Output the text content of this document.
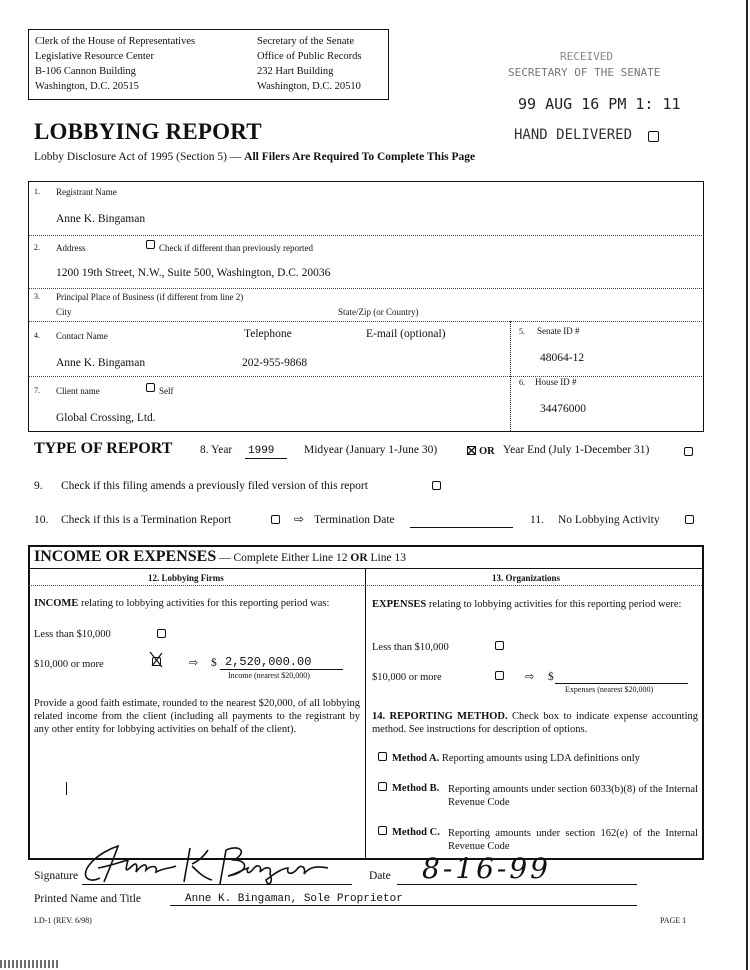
Clerk of the House of Representatives
Legislative Resource Center
B-106 Cannon Building
Washington, D.C. 20515
Secretary of the Senate
Office of Public Records
232 Hart Building
Washington, D.C. 20510
RECEIVED
SECRETARY OF THE SENATE
99 AUG 16 PM 1: 11
HAND DELIVERED
LOBBYING REPORT
Lobby Disclosure Act of 1995 (Section 5) — All Filers Are Required To Complete This Page
1. Registrant Name
Anne K. Bingaman
2. Address	Check if different than previously reported
1200 19th Street, N.W., Suite 500, Washington, D.C. 20036
3. Principal Place of Business (if different from line 2)
City	State/Zip (or Country)
4. Contact Name	Telephone	E-mail (optional)
Anne K. Bingaman	202-955-9868
5. Senate ID #
48064-12
6. House ID #
34476000
7. Client name	Self
Global Crossing, Ltd.
TYPE OF REPORT 8. Year 1999	Midyear (January 1-June 30)	OR Year End (July 1-December 31)
9. Check if this filing amends a previously filed version of this report
10. Check if this is a Termination Report	⇨ Termination Date	11. No Lobbying Activity
INCOME OR EXPENSES — Complete Either Line 12 OR Line 13
12. Lobbying Firms	13. Organizations
INCOME relating to lobbying activities for this reporting period was:
Less than $10,000
$10,000 or more	⇨ $ 2,520,000.00
Income (nearest $20,000)
Provide a good faith estimate, rounded to the nearest $20,000, of all lobbying related income from the client (including all payments to the registrant by any other entity for lobbying activities on behalf of the client).
EXPENSES relating to lobbying activities for this reporting period were:
Less than $10,000
$10,000 or more	⇨ $
Expenses (nearest $20,000)
14. REPORTING METHOD. Check box to indicate expense accounting method. See instructions for description of options.
Method A. Reporting amounts using LDA definitions only
Method B. Reporting amounts under section 6033(b)(8) of the Internal Revenue Code
Method C. Reporting amounts under section 162(e) of the Internal Revenue Code
Signature	Date 8-16-99
Printed Name and Title	Anne K. Bingaman, Sole Proprietor
LD-1 (REV. 6/98)	PAGE 1
